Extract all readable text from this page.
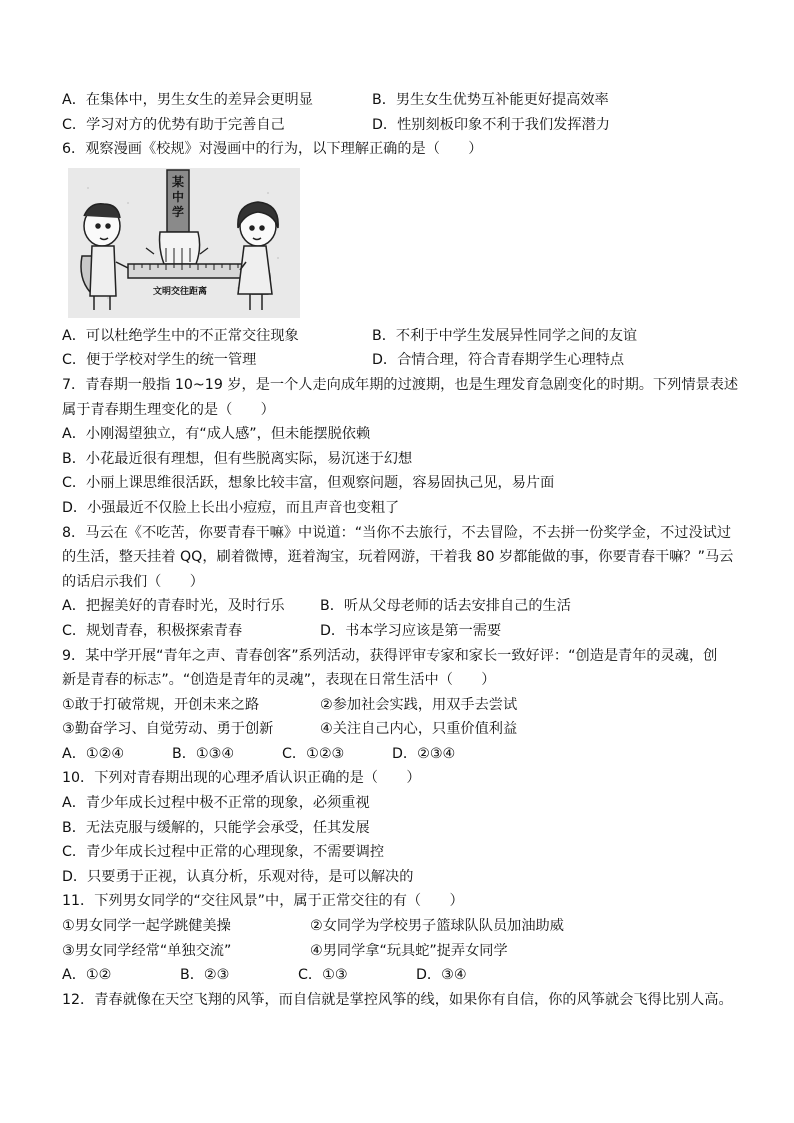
A．在集体中，男生女生的差异会更明显	B．男生女生优势互补能更好提高效率
C．学习对方的优势有助于完善自己	D．性别刻板印象不利于我们发挥潜力
6．观察漫画《校规》对漫画中的行为，以下理解正确的是（　　）
某
中
学
文明交往距离
A．可以杜绝学生中的不正常交往现象	B．不利于中学生发展异性同学之间的友谊
C．便于学校对学生的统一管理	D．合情合理，符合青春期学生心理特点
7．青春期一般指 10~19 岁，是一个人走向成年期的过渡期，也是生理发育急剧变化的时期。下列情景表述
属于青春期生理变化的是（　　）
A．小刚渴望独立，有“成人感”，但未能摆脱依赖
B．小花最近很有理想，但有些脱离实际，易沉迷于幻想
C．小丽上课思维很活跃，想象比较丰富，但观察问题，容易固执己见，易片面
D．小强最近不仅脸上长出小痘痘，而且声音也变粗了
8．马云在《不吃苦，你要青春干嘛》中说道：“当你不去旅行，不去冒险，不去拼一份奖学金，不过没试过
的生活，整天挂着 QQ，刷着微博，逛着淘宝，玩着网游，干着我 80 岁都能做的事，你要青春干嘛？”马云
的话启示我们（　　）
A．把握美好的青春时光，及时行乐	B．听从父母老师的话去安排自己的生活
C．规划青春，积极探索青春	D．书本学习应该是第一需要
9．某中学开展“青年之声、青春创客”系列活动，获得评审专家和家长一致好评：“创造是青年的灵魂，创
新是青春的标志”。“创造是青年的灵魂”，表现在日常生活中（　　）
①敢于打破常规，开创未来之路	②参加社会实践，用双手去尝试
③勤奋学习、自觉劳动、勇于创新	④关注自己内心，只重价值利益
A．①②④	B．①③④	C．①②③	D．②③④
10．下列对青春期出现的心理矛盾认识正确的是（　　）
A．青少年成长过程中极不正常的现象，必须重视
B．无法克服与缓解的，只能学会承受，任其发展
C．青少年成长过程中正常的心理现象，不需要调控
D．只要勇于正视，认真分析，乐观对待，是可以解决的
11．下列男女同学的“交往风景”中，属于正常交往的有（　　）
①男女同学一起学跳健美操	②女同学为学校男子篮球队队员加油助威
③男女同学经常“单独交流”	④男同学拿“玩具蛇”捉弄女同学
A．①②	B．②③	C．①③	D．③④
12．青春就像在天空飞翔的风筝，而自信就是掌控风筝的线，如果你有自信，你的风筝就会飞得比别人高。
